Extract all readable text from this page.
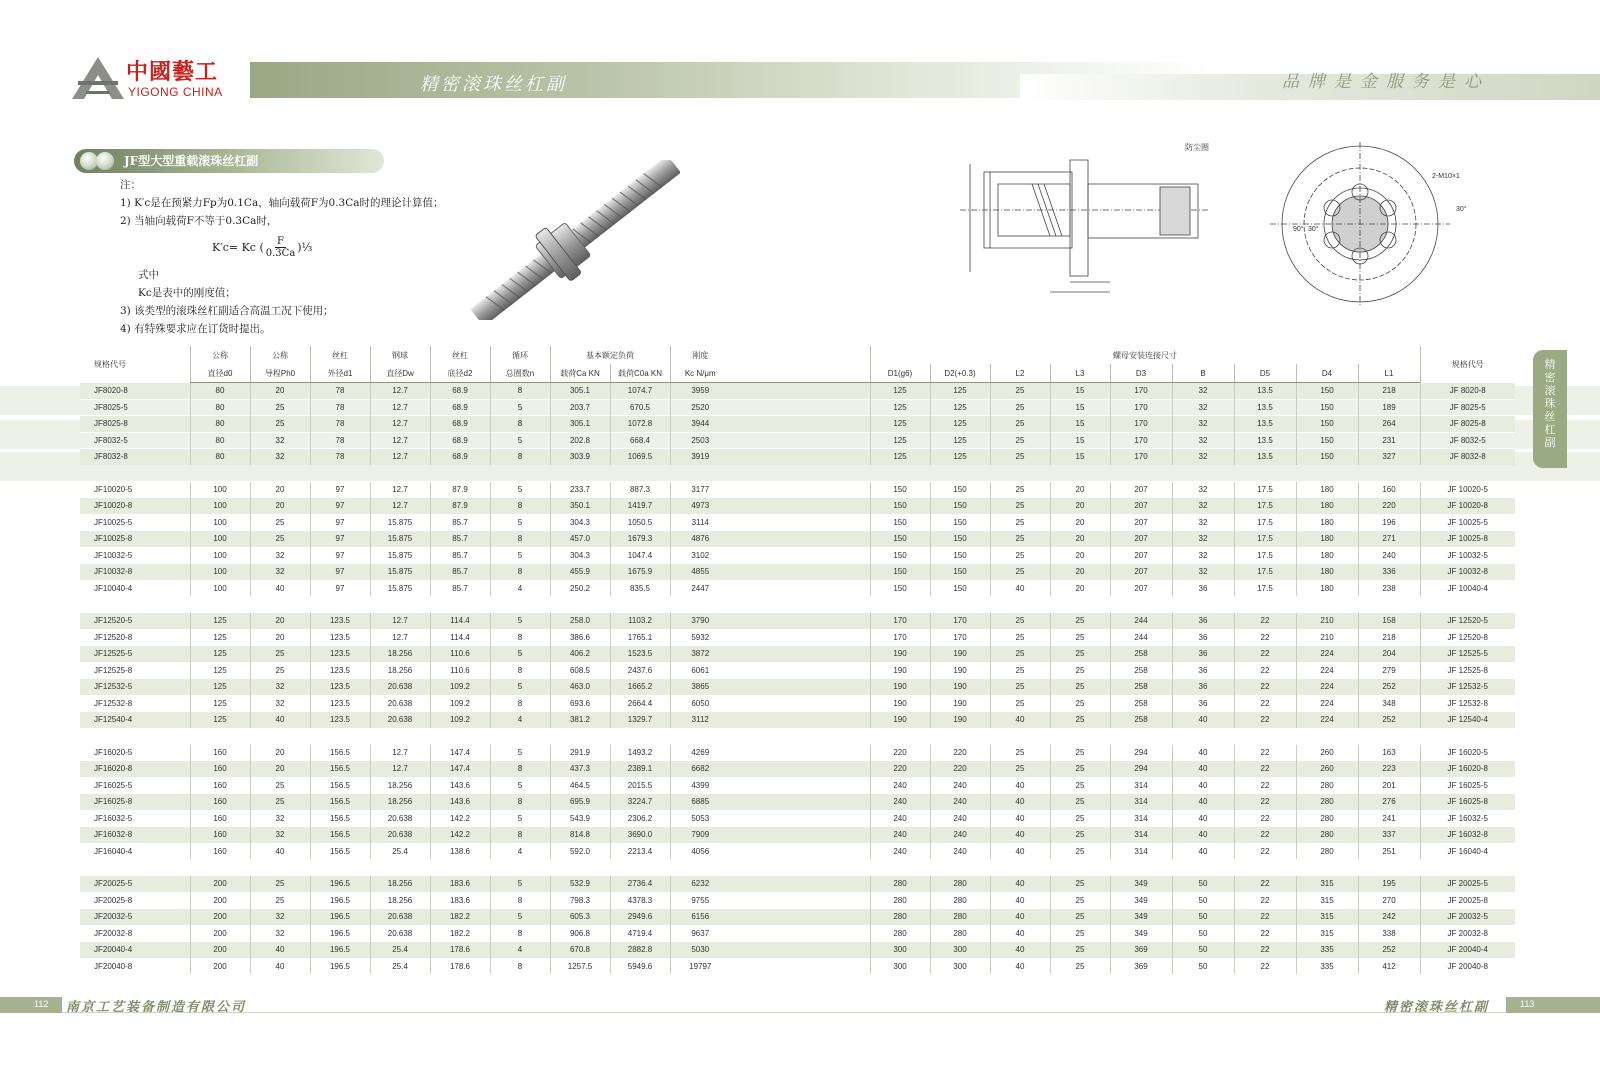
中國藝工
YIGONG CHINA	精密滚珠丝杠副	品牌是金服务是心
JF型大型重载滚珠丝杠副
注：
1) K′c是在预紧力Fp为0.1Ca，轴向载荷F为0.3Ca时的理论计算值；
2) 当轴向载荷F不等于0.3Ca时，
式中
Kc是表中的刚度值；
3) 该类型的滚珠丝杠副适合高温工况下使用；
4) 有特殊要求应在订货时提出。
K′c= Kc ( $\frac{F}{0.3Ca}$ )⅓
防尘圈
2-M10×1
90° 30°
30°
规格代号	公称	公称	丝杠	钢球	丝杠	循环	基本额定负荷		刚度		螺母安装连接尺寸									规格代号
	直径d0	导程Ph0	外径d1	直径Dw	底径d2	总圈数n	载荷Ca KN	载荷C0a KN	Kc N/μm		D1(g6)	D2(+0.3)	L2	L3	D3	B	D5	D4	L1	
JF8020-8	80	20	78	12.7	68.9	8	305.1	1074.7	3959		125	125	25	15	170	32	13.5	150	218	JF 8020-8
JF8025-5	80	25	78	12.7	68.9	5	203.7	670.5	2520		125	125	25	15	170	32	13.5	150	189	JF 8025-5
JF8025-8	80	25	78	12.7	68.9	8	305.1	1072.8	3944		125	125	25	15	170	32	13.5	150	264	JF 8025-8
JF8032-5	80	32	78	12.7	68.9	5	202.8	668.4	2503		125	125	25	15	170	32	13.5	150	231	JF 8032-5
JF8032-8	80	32	78	12.7	68.9	8	303.9	1069.5	3919		125	125	25	15	170	32	13.5	150	327	JF 8032-8

JF10020-5	100	20	97	12.7	87.9	5	233.7	887.3	3177		150	150	25	20	207	32	17.5	180	160	JF 10020-5
JF10020-8	100	20	97	12.7	87.9	8	350.1	1419.7	4973		150	150	25	20	207	32	17.5	180	220	JF 10020-8
JF10025-5	100	25	97	15.875	85.7	5	304.3	1050.5	3114		150	150	25	20	207	32	17.5	180	196	JF 10025-5
JF10025-8	100	25	97	15.875	85.7	8	457.0	1679.3	4876		150	150	25	20	207	32	17.5	180	271	JF 10025-8
JF10032-5	100	32	97	15.875	85.7	5	304.3	1047.4	3102		150	150	25	20	207	32	17.5	180	240	JF 10032-5
JF10032-8	100	32	97	15.875	85.7	8	455.9	1675.9	4855		150	150	25	20	207	32	17.5	180	336	JF 10032-8
JF10040-4	100	40	97	15.875	85.7	4	250.2	835.5	2447		150	150	40	20	207	36	17.5	180	238	JF 10040-4

JF12520-5	125	20	123.5	12.7	114.4	5	258.0	1103.2	3790		170	170	25	25	244	36	22	210	158	JF 12520-5
JF12520-8	125	20	123.5	12.7	114.4	8	386.6	1765.1	5932		170	170	25	25	244	36	22	210	218	JF 12520-8
JF12525-5	125	25	123.5	18.256	110.6	5	406.2	1523.5	3872		190	190	25	25	258	36	22	224	204	JF 12525-5
JF12525-8	125	25	123.5	18.256	110.6	8	608.5	2437.6	6061		190	190	25	25	258	36	22	224	279	JF 12525-8
JF12532-5	125	32	123.5	20.638	109.2	5	463.0	1665.2	3865		190	190	25	25	258	36	22	224	252	JF 12532-5
JF12532-8	125	32	123.5	20.638	109.2	8	693.6	2664.4	6050		190	190	25	25	258	36	22	224	348	JF 12532-8
JF12540-4	125	40	123.5	20.638	109.2	4	381.2	1329.7	3112		190	190	40	25	258	40	22	224	252	JF 12540-4

JF16020-5	160	20	156.5	12.7	147.4	5	291.9	1493.2	4269		220	220	25	25	294	40	22	260	163	JF 16020-5
JF16020-8	160	20	156.5	12.7	147.4	8	437.3	2389.1	6682		220	220	25	25	294	40	22	260	223	JF 16020-8
JF16025-5	160	25	156.5	18.256	143.6	5	464.5	2015.5	4399		240	240	40	25	314	40	22	280	201	JF 16025-5
JF16025-8	160	25	156.5	18.256	143.6	8	695.9	3224.7	6885		240	240	40	25	314	40	22	280	276	JF 16025-8
JF16032-5	160	32	156.5	20.638	142.2	5	543.9	2306.2	5053		240	240	40	25	314	40	22	280	241	JF 16032-5
JF16032-8	160	32	156.5	20.638	142.2	8	814.8	3690.0	7909		240	240	40	25	314	40	22	280	337	JF 16032-8
JF16040-4	160	40	156.5	25.4	138.6	4	592.0	2213.4	4056		240	240	40	25	314	40	22	280	251	JF 16040-4

JF20025-5	200	25	196.5	18.256	183.6	5	532.9	2736.4	6232		280	280	40	25	349	50	22	315	195	JF 20025-5
JF20025-8	200	25	196.5	18.256	183.6	8	798.3	4378.3	9755		280	280	40	25	349	50	22	315	270	JF 20025-8
JF20032-5	200	32	196.5	20.638	182.2	5	605.3	2949.6	6156		280	280	40	25	349	50	22	315	242	JF 20032-5
JF20032-8	200	32	196.5	20.638	182.2	8	906.8	4719.4	9637		280	280	40	25	349	50	22	315	338	JF 20032-8
JF20040-4	200	40	196.5	25.4	178.6	4	670.8	2882.8	5030		300	300	40	25	369	50	22	335	252	JF 20040-4
JF20040-8	200	40	196.5	25.4	178.6	8	1257.5	5949.6	19797		300	300	40	25	369	50	22	335	412	JF 20040-8
精密滚珠丝杠副
112 南京工艺装备制造有限公司	113
精密滚珠丝杠副
